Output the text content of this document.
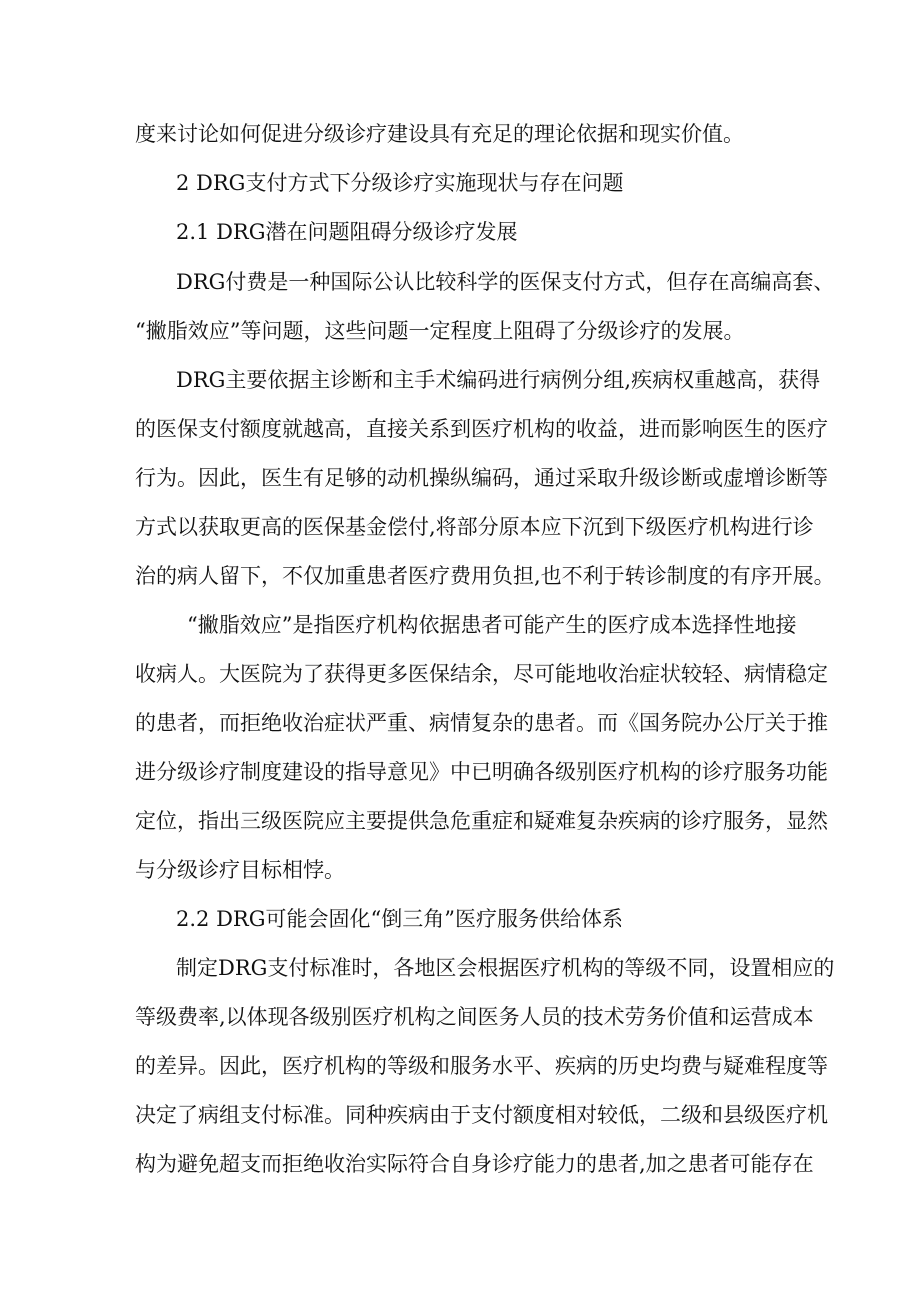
度来讨论如何促进分级诊疗建设具有充足的理论依据和现实价值。
2 DRG支付方式下分级诊疗实施现状与存在问题
2.1 DRG潜在问题阻碍分级诊疗发展
DRG付费是一种国际公认比较科学的医保支付方式，但存在高编高套、
“撇脂效应”等问题，这些问题一定程度上阻碍了分级诊疗的发展。
DRG主要依据主诊断和主手术编码进行病例分组,疾病权重越高，获得
的医保支付额度就越高，直接关系到医疗机构的收益，进而影响医生的医疗
行为。因此，医生有足够的动机操纵编码，通过采取升级诊断或虚增诊断等
方式以获取更高的医保基金偿付,将部分原本应下沉到下级医疗机构进行诊
治的病人留下，不仅加重患者医疗费用负担,也不利于转诊制度的有序开展。
“撇脂效应”是指医疗机构依据患者可能产生的医疗成本选择性地接
收病人。大医院为了获得更多医保结余，尽可能地收治症状较轻、病情稳定
的患者，而拒绝收治症状严重、病情复杂的患者。而《国务院办公厅关于推
进分级诊疗制度建设的指导意见》中已明确各级别医疗机构的诊疗服务功能
定位，指出三级医院应主要提供急危重症和疑难复杂疾病的诊疗服务，显然
与分级诊疗目标相悖。
2.2 DRG可能会固化“倒三角”医疗服务供给体系
制定DRG支付标准时，各地区会根据医疗机构的等级不同，设置相应的
等级费率,以体现各级别医疗机构之间医务人员的技术劳务价值和运营成本
的差异。因此，医疗机构的等级和服务水平、疾病的历史均费与疑难程度等
决定了病组支付标准。同种疾病由于支付额度相对较低，二级和县级医疗机
构为避免超支而拒绝收治实际符合自身诊疗能力的患者,加之患者可能存在
